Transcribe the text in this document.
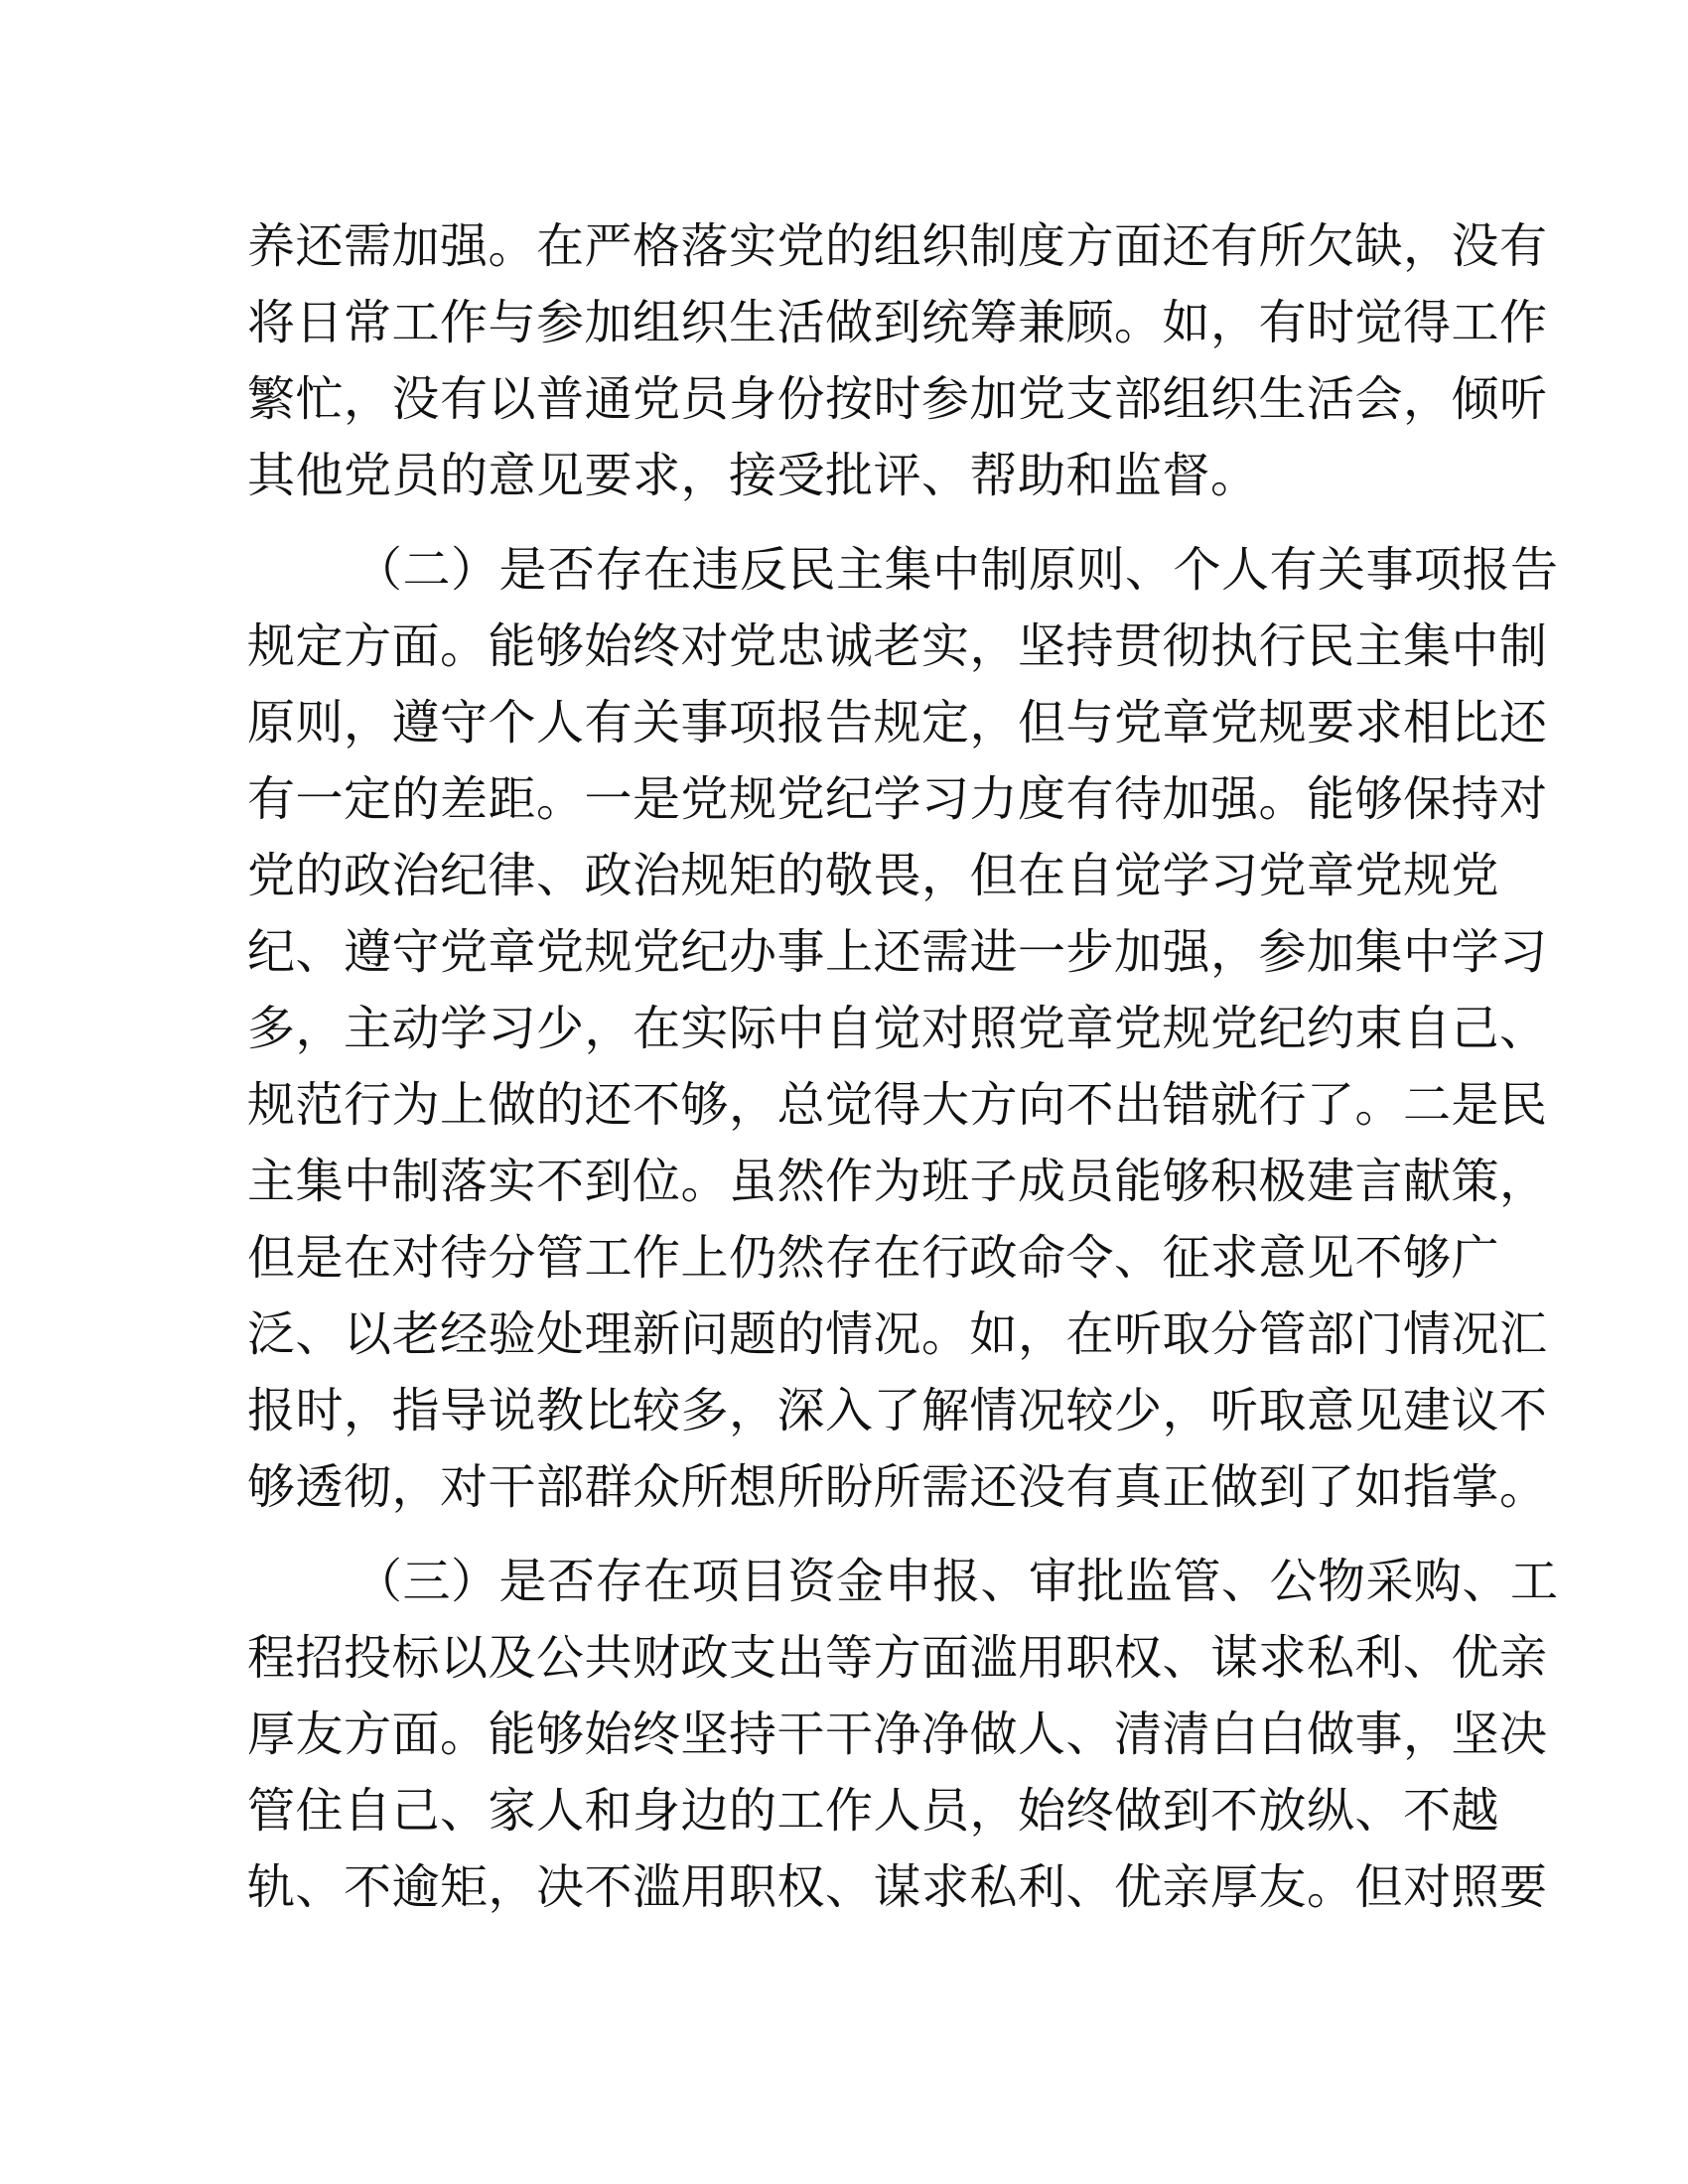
养还需加强。在严格落实党的组织制度方面还有所欠缺，没有
将日常工作与参加组织生活做到统筹兼顾。如，有时觉得工作
繁忙，没有以普通党员身份按时参加党支部组织生活会，倾听
其他党员的意见要求，接受批评、帮助和监督。
（二）是否存在违反民主集中制原则、个人有关事项报告
规定方面。能够始终对党忠诚老实，坚持贯彻执行民主集中制
原则，遵守个人有关事项报告规定，但与党章党规要求相比还
有一定的差距。一是党规党纪学习力度有待加强。能够保持对
党的政治纪律、政治规矩的敬畏，但在自觉学习党章党规党
纪、遵守党章党规党纪办事上还需进一步加强，参加集中学习
多，主动学习少，在实际中自觉对照党章党规党纪约束自己、
规范行为上做的还不够，总觉得大方向不出错就行了。二是民
主集中制落实不到位。虽然作为班子成员能够积极建言献策，
但是在对待分管工作上仍然存在行政命令、征求意见不够广
泛、以老经验处理新问题的情况。如，在听取分管部门情况汇
报时，指导说教比较多，深入了解情况较少，听取意见建议不
够透彻，对干部群众所想所盼所需还没有真正做到了如指掌。
（三）是否存在项目资金申报、审批监管、公物采购、工
程招投标以及公共财政支出等方面滥用职权、谋求私利、优亲
厚友方面。能够始终坚持干干净净做人、清清白白做事，坚决
管住自己、家人和身边的工作人员，始终做到不放纵、不越
轨、不逾矩，决不滥用职权、谋求私利、优亲厚友。但对照要
